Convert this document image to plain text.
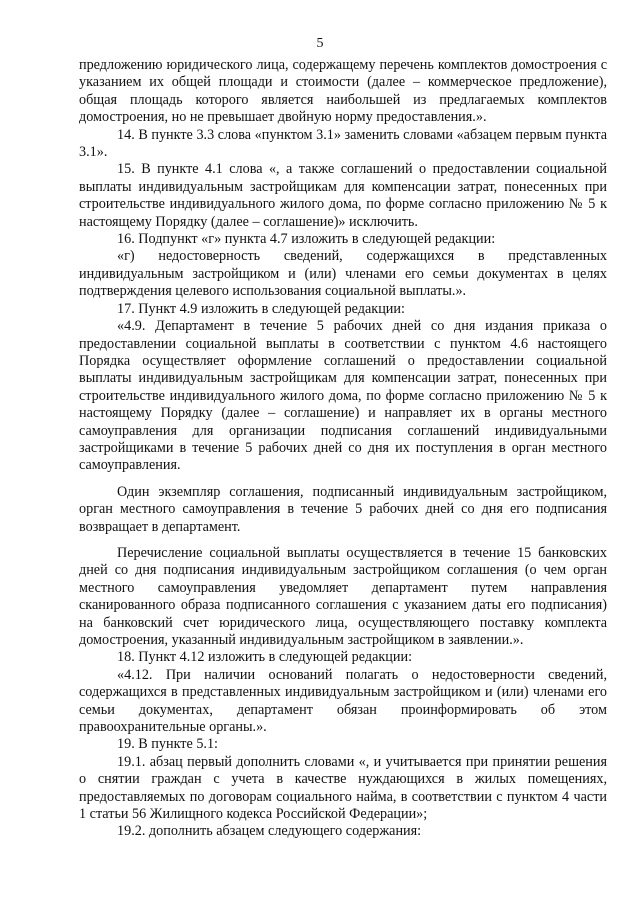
5

предложению юридического лица, содержащему перечень комплектов домостроения с указанием их общей площади и стоимости (далее – коммерческое предложение), общая площадь которого является наибольшей из предлагаемых комплектов домостроения, но не превышает двойную норму предоставления.».

14. В пункте 3.3 слова «пунктом 3.1» заменить словами «абзацем первым пункта 3.1».

15. В пункте 4.1 слова «, а также соглашений о предоставлении социальной выплаты индивидуальным застройщикам для компенсации затрат, понесенных при строительстве индивидуального жилого дома, по форме согласно приложению № 5 к настоящему Порядку (далее – соглашение)» исключить.

16. Подпункт «г» пункта 4.7 изложить в следующей редакции:

«г) недостоверность сведений, содержащихся в представленных индивидуальным застройщиком и (или) членами его семьи документах в целях подтверждения целевого использования социальной выплаты.».

17. Пункт 4.9 изложить в следующей редакции:

«4.9. Департамент в течение 5 рабочих дней со дня издания приказа о предоставлении социальной выплаты в соответствии с пунктом 4.6 настоящего Порядка осуществляет оформление соглашений о предоставлении социальной выплаты индивидуальным застройщикам для компенсации затрат, понесенных при строительстве индивидуального жилого дома, по форме согласно приложению № 5 к настоящему Порядку (далее – соглашение) и направляет их в органы местного самоуправления для организации подписания соглашений индивидуальными застройщиками в течение 5 рабочих дней со дня их поступления в орган местного самоуправления.

Один экземпляр соглашения, подписанный индивидуальным застройщиком, орган местного самоуправления в течение 5 рабочих дней со дня его подписания возвращает в департамент.

Перечисление социальной выплаты осуществляется в течение 15 банковских дней со дня подписания индивидуальным застройщиком соглашения (о чем орган местного самоуправления уведомляет департамент путем направления сканированного образа подписанного соглашения с указанием даты его подписания) на банковский счет юридического лица, осуществляющего поставку комплекта домостроения, указанный индивидуальным застройщиком в заявлении.».

18. Пункт 4.12 изложить в следующей редакции:

«4.12. При наличии оснований полагать о недостоверности сведений, содержащихся в представленных индивидуальным застройщиком и (или) членами его семьи документах, департамент обязан проинформировать об этом правоохранительные органы.».

19. В пункте 5.1:

19.1. абзац первый дополнить словами «, и учитывается при принятии решения о снятии граждан с учета в качестве нуждающихся в жилых помещениях, предоставляемых по договорам социального найма, в соответствии с пунктом 4 части 1 статьи 56 Жилищного кодекса Российской Федерации»;

19.2. дополнить абзацем следующего содержания:
